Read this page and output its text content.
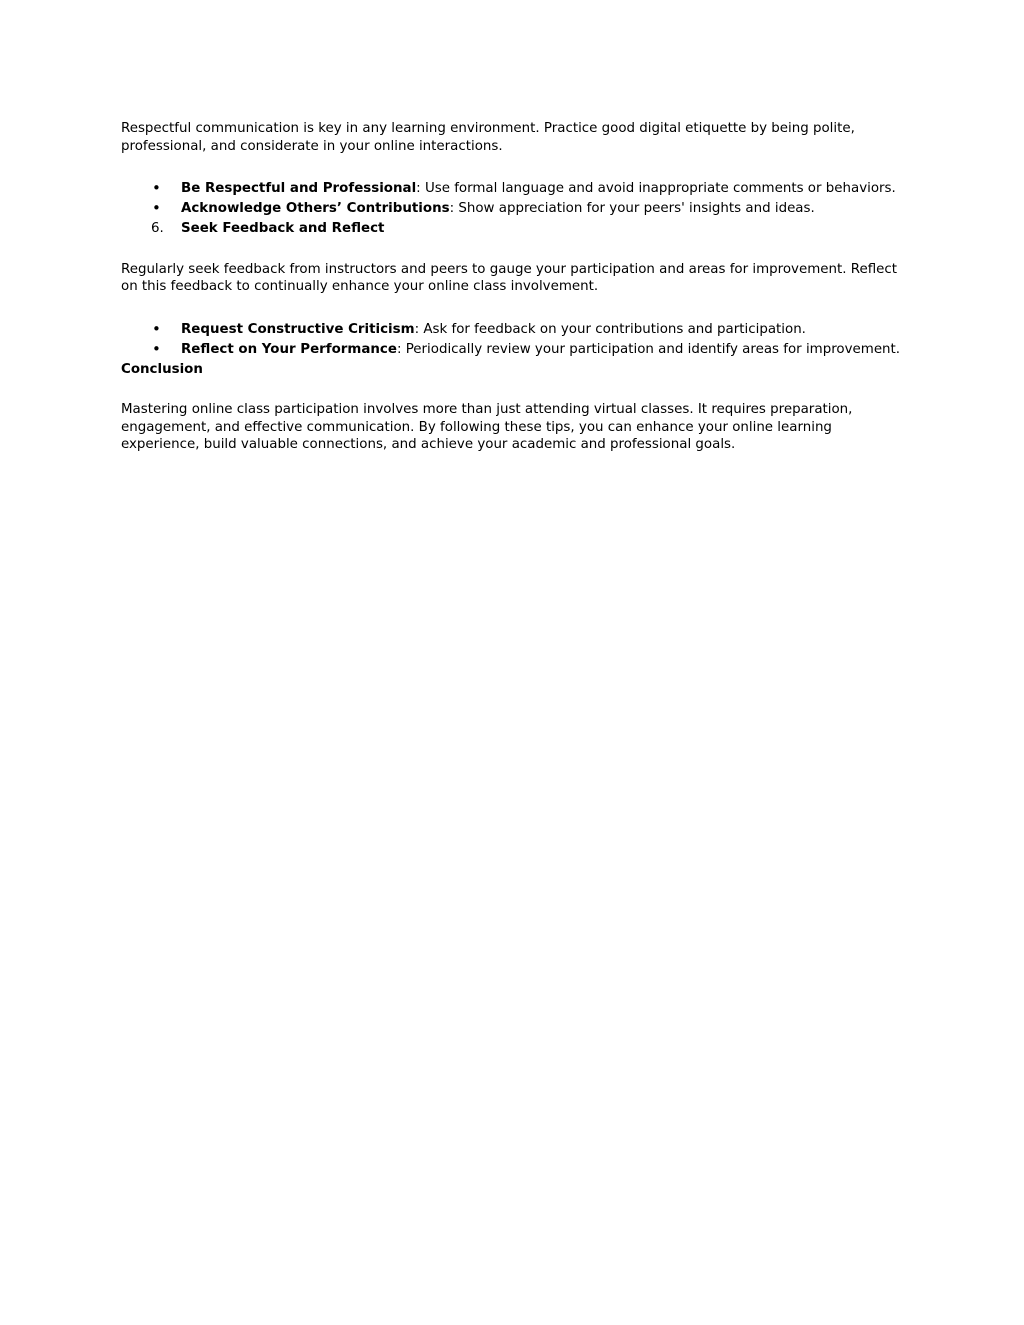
Respectful communication is key in any learning environment. Practice good digital etiquette by being polite, professional, and considerate in your online interactions.

• Be Respectful and Professional: Use formal language and avoid inappropriate comments or behaviors.
• Acknowledge Others’ Contributions: Show appreciation for your peers' insights and ideas.
6. Seek Feedback and Reflect

Regularly seek feedback from instructors and peers to gauge your participation and areas for improvement. Reflect on this feedback to continually enhance your online class involvement.

• Request Constructive Criticism: Ask for feedback on your contributions and participation.
• Reflect on Your Performance: Periodically review your participation and identify areas for improvement.

Conclusion

Mastering online class participation involves more than just attending virtual classes. It requires preparation, engagement, and effective communication. By following these tips, you can enhance your online learning experience, build valuable connections, and achieve your academic and professional goals.
